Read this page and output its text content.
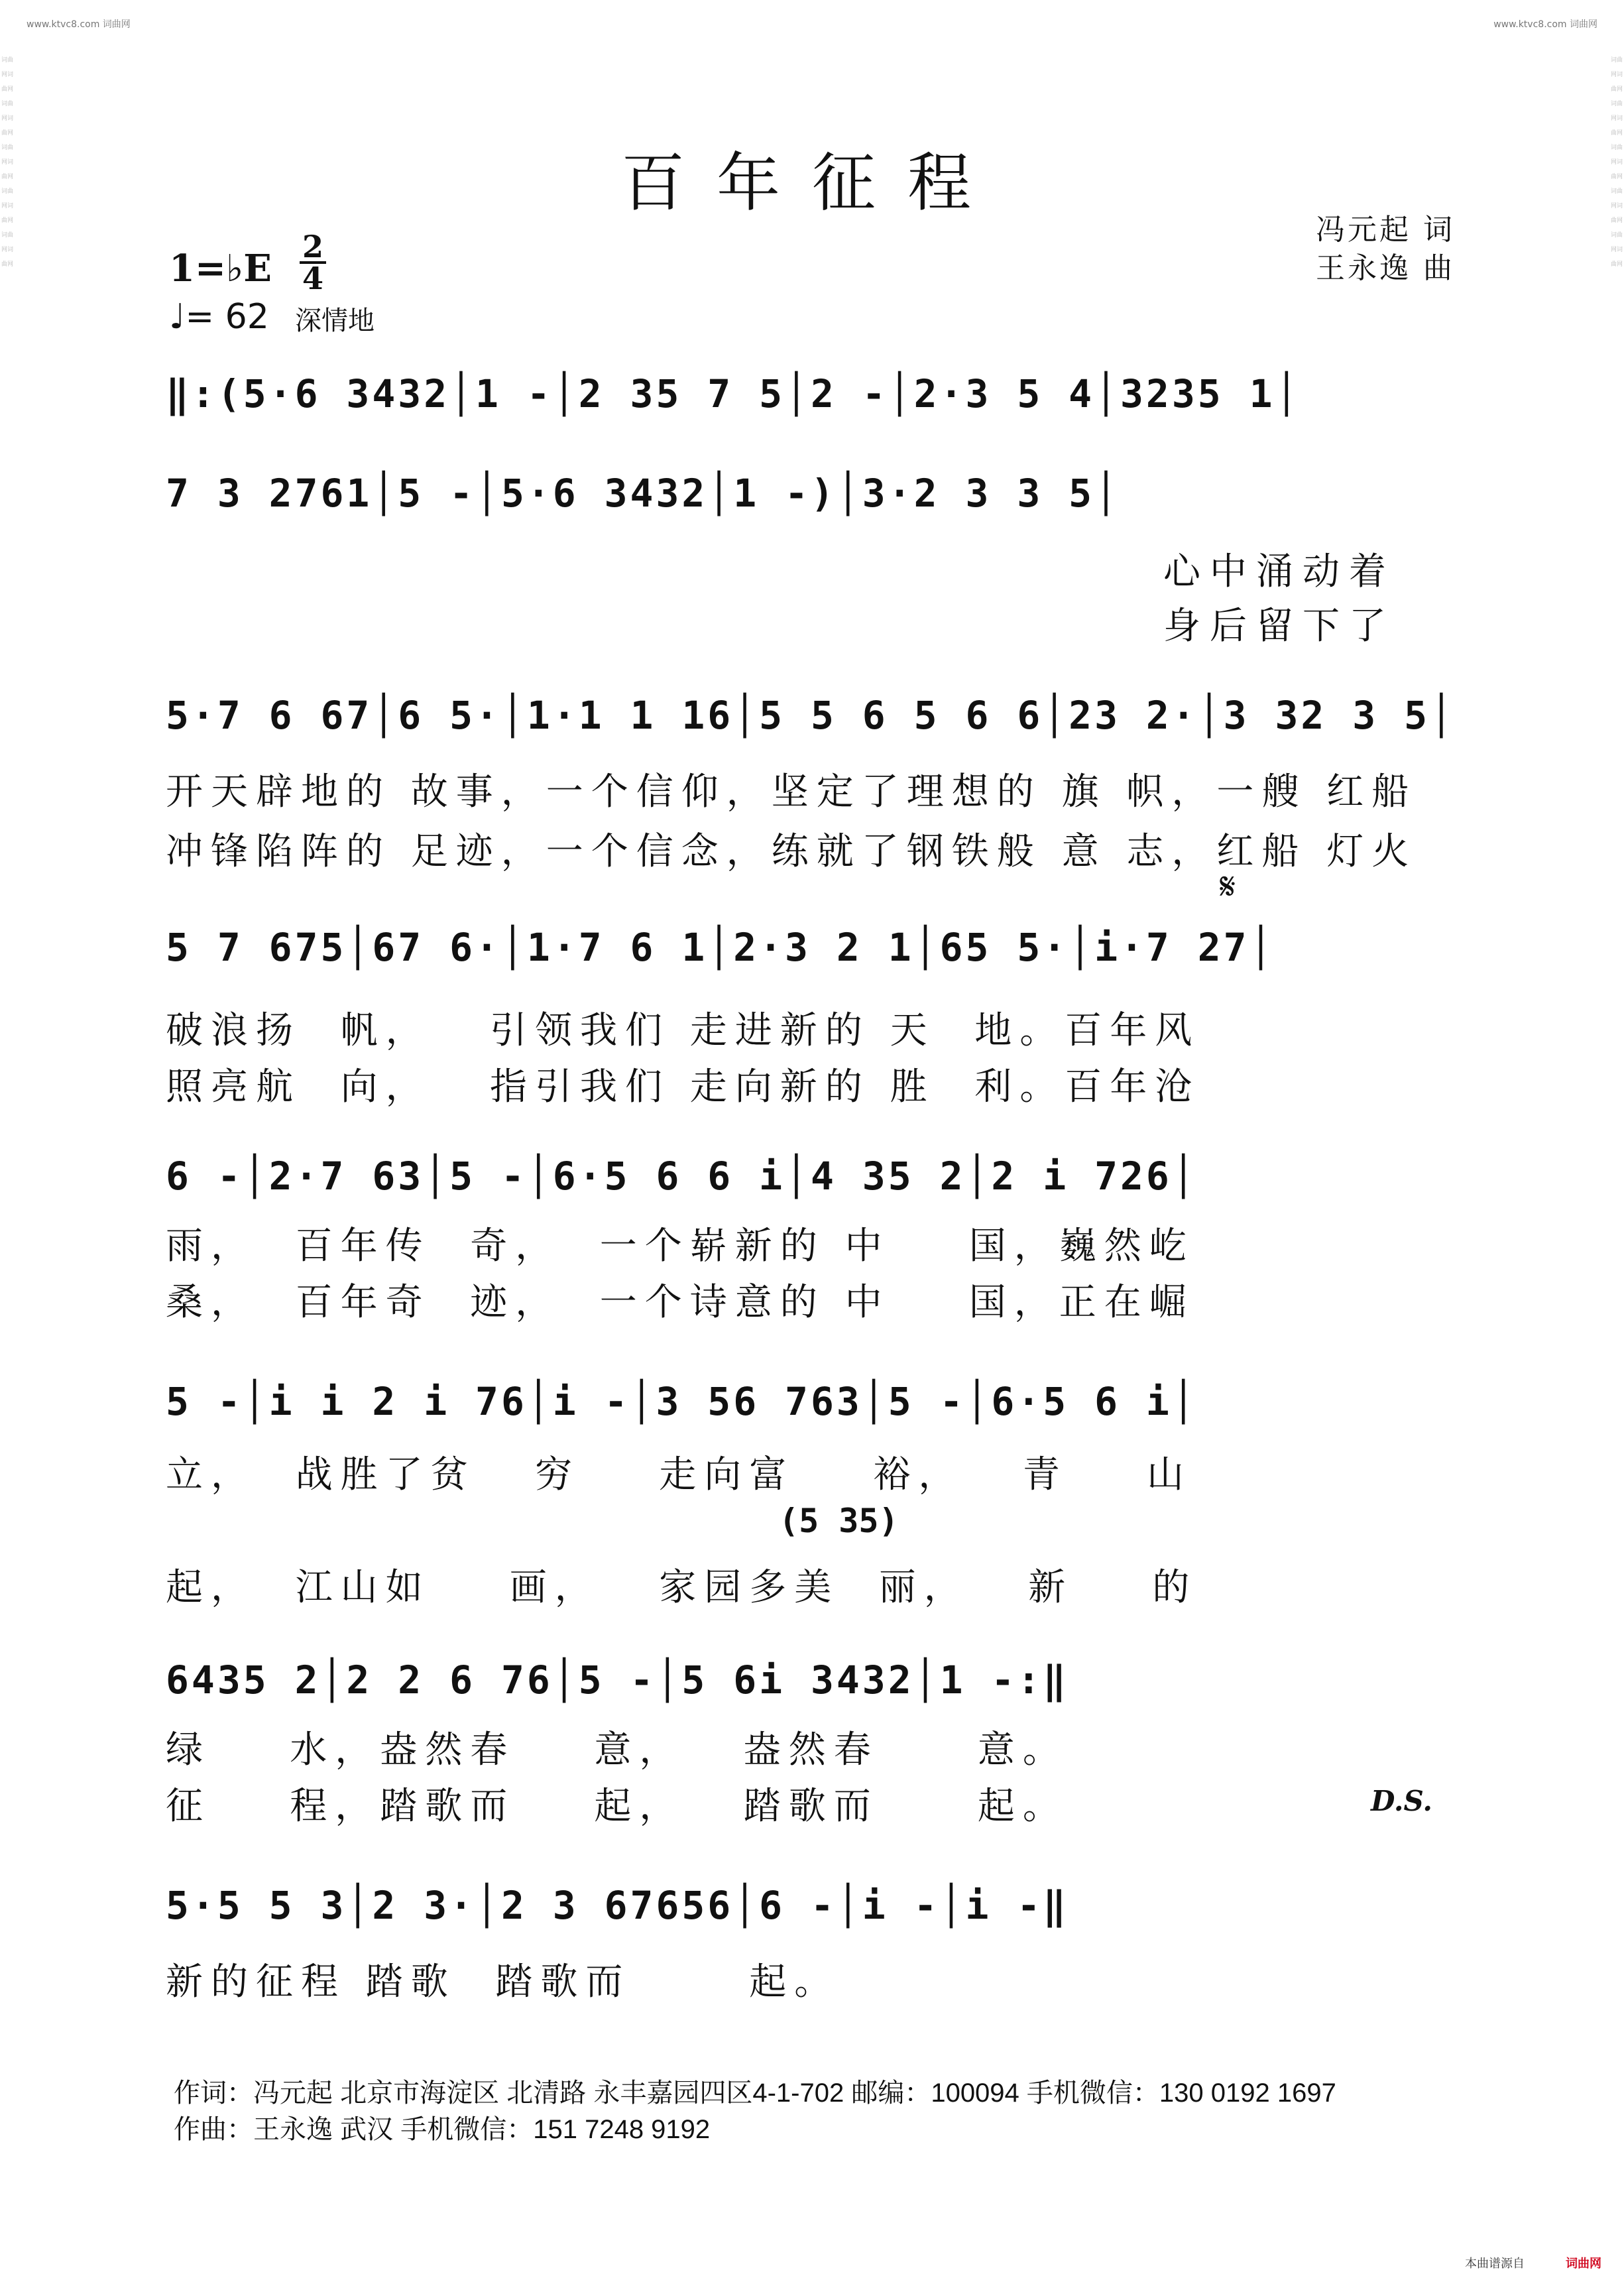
www.ktvc8.com 词曲网	www.ktvc8.com 词曲网
词曲网词曲网词曲网词曲网词曲网词曲网词曲网词曲网词曲网词曲网
词曲网词曲网词曲网词曲网词曲网词曲网词曲网词曲网词曲网词曲网
百年征程
冯元起 词
王永逸 曲
1=♭E 2
4
♩= 62 深情地
‖:(5·6 3432│1 -│2 35 7 5│2 -│2·3 5 4│3235 1│
7 3 2761│5 -│5·6 3432│1 -)│3·2 3 3 5│
心中涌动着
身后留下了
5·7 6 67│6 5·│1·1 1 16│5 5 6 5 6 6│23 2·│3 32 3 5│
开天辟地的 故事，一个信仰，坚定了理想的 旗 帜，一艘 红船
冲锋陷阵的 足迹，一个信念，练就了钢铁般 意 志，红船 灯火
𝄋
5 7 675│67 6·│1·7 6 1│2·3 2 1│65 5·│i·7 27│
破浪扬  帆，   引领我们 走进新的 天  地。百年风
照亮航  向，   指引我们 走向新的 胜  利。百年沧
6 -│2·7 63│5 -│6·5 6 6 i│4 35 2│2 i 726│
雨，  百年传  奇，  一个崭新的 中    国，巍然屹
桑，  百年奇  迹，  一个诗意的 中    国，正在崛
5 -│i i 2 i 76│i -│3 56 763│5 -│6·5 6 i│
立，  战胜了贫   穷    走向富    裕，   青    山
(5 35)
起，  江山如    画，   家园多美  丽，   新    的
6435 2│2 2 6 76│5 -│5 6i 3432│1 -:‖
绿    水，盎然春    意，   盎然春     意。
征    程，踏歌而    起，   踏歌而     起。	D.S.
5·5 5 3│2 3·│2 3 67656│6 -│i -│i -‖
新的征程 踏歌  踏歌而      起。
作词：冯元起 北京市海淀区 北清路 永丰嘉园四区4-1-702 邮编：100094 手机微信：130 0192 1697
作曲：王永逸 武汉 手机微信：151 7248 9192
本曲谱源自	词曲网
